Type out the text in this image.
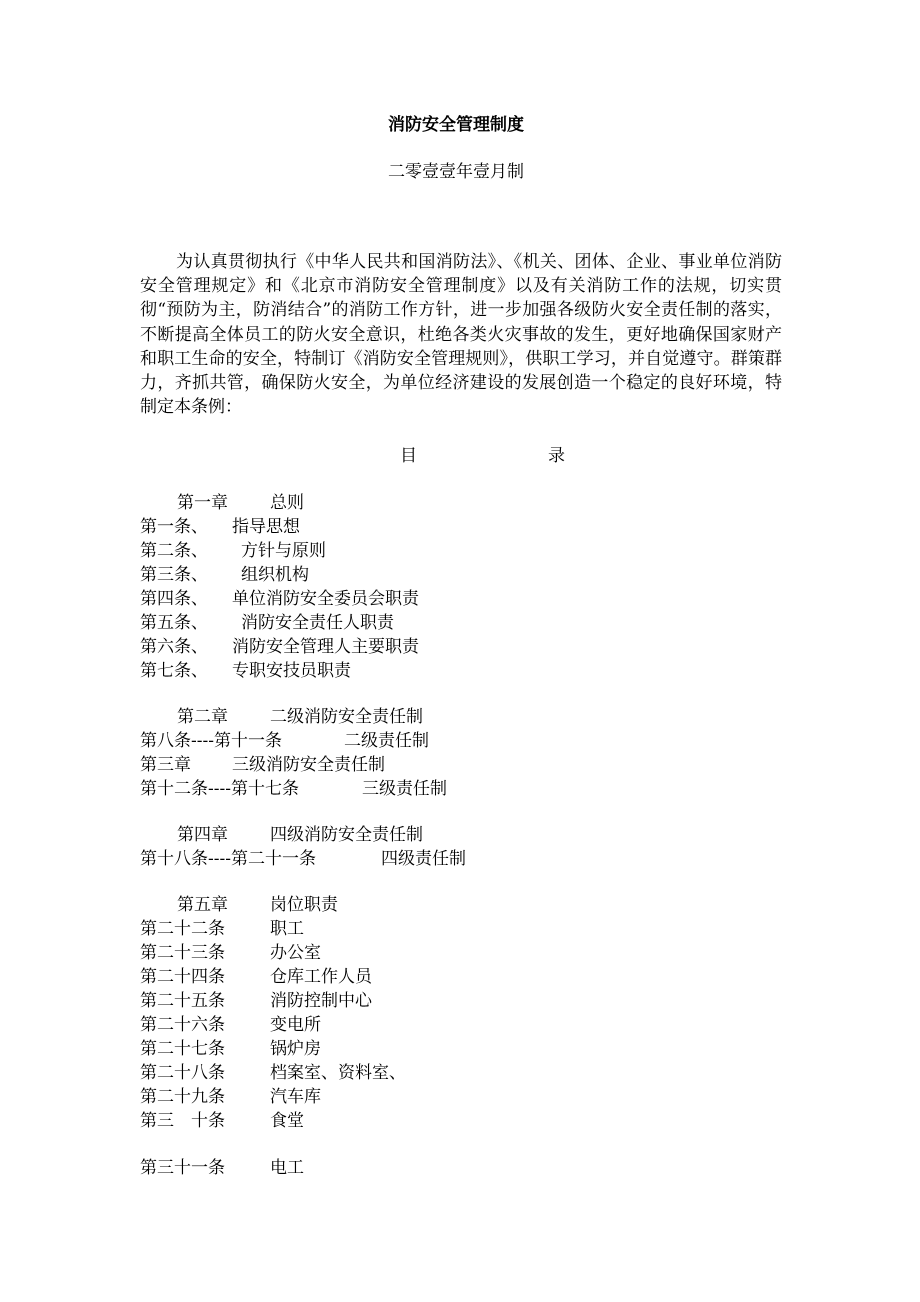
消防安全管理制度
二零壹壹年壹月制

为认真贯彻执行《中华人民共和国消防法》、《机关、团体、企业、事业单位消防安全管理规定》和《北京市消防安全管理制度》以及有关消防工作的法规，切实贯彻“预防为主，防消结合”的消防工作方针，进一步加强各级防火安全责任制的落实，不断提高全体员工的防火安全意识，杜绝各类火灾事故的发生，更好地确保国家财产和职工生命的安全，特制订《消防安全管理规则》，供职工学习，并自觉遵守。群策群力，齐抓共管，确保防火安全，为单位经济建设的发展创造一个稳定的良好环境，特制定本条例：

目	录
第一章 总则
第一条、 指导思想
第二条、 方针与原则
第三条、 组织机构
第四条、 单位消防安全委员会职责
第五条、 消防安全责任人职责
第六条、 消防安全管理人主要职责
第七条、 专职安技员职责
第二章 二级消防安全责任制
第八条----第十一条	二级责任制
第三章 三级消防安全责任制
第十二条----第十七条	三级责任制
第四章 四级消防安全责任制
第十八条----第二十一条	四级责任制
第五章 岗位职责
第二十二条	职工
第二十三条	办公室
第二十四条	仓库工作人员
第二十五条	消防控制中心
第二十六条	变电所
第二十七条	锅炉房
第二十八条	档案室、资料室、
第二十九条	汽车库
第三　十条	食堂
第三十一条	电工
